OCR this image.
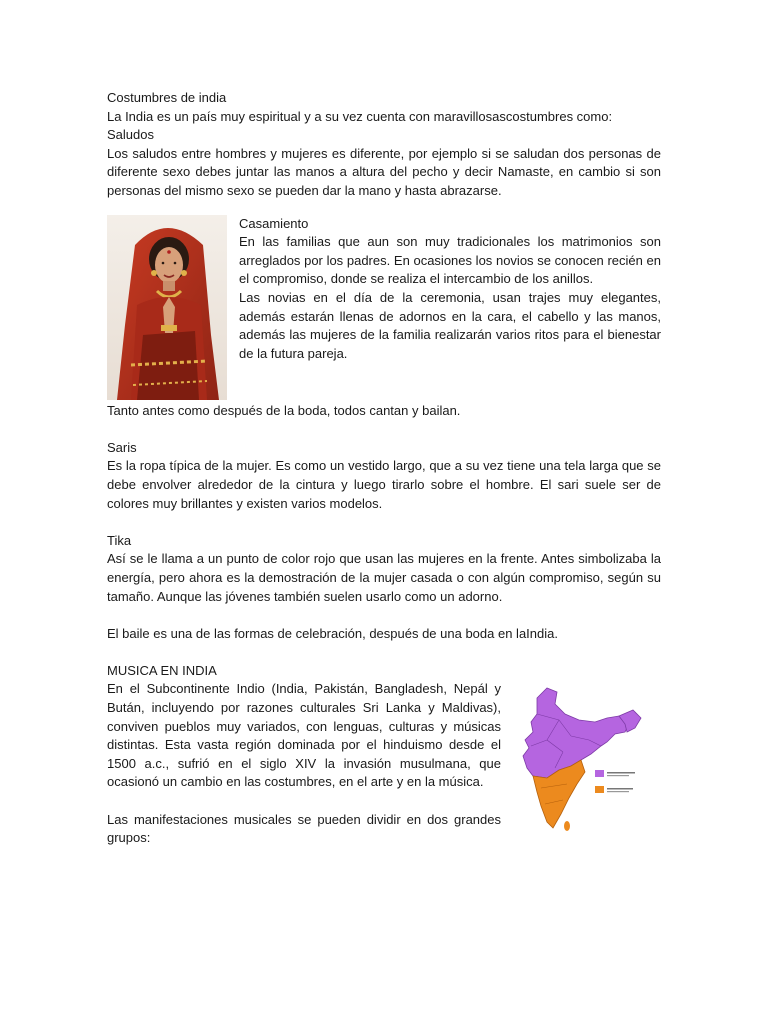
Costumbres de india

La India es un país muy espiritual y a su vez cuenta con maravillosascostumbres como:

Saludos

Los saludos entre hombres y mujeres es diferente, por ejemplo si se saludan dos personas de diferente sexo debes juntar las manos a altura del pecho y decir Namaste, en cambio si son personas del mismo sexo se pueden dar la mano y hasta abrazarse.

Casamiento

En las familias que aun son muy tradicionales los matrimonios son arreglados por los padres. En ocasiones los novios se conocen recién en el compromiso, donde se realiza el intercambio de los anillos.

Las novias en el día de la ceremonia, usan trajes muy elegantes, además estarán llenas de adornos en la cara, el cabello y las manos, además las mujeres de la familia realizarán varios ritos para el bienestar de la futura pareja.

Tanto antes como después de la boda, todos cantan y bailan.

Saris

Es la ropa típica de la mujer. Es como un vestido largo, que a su vez tiene una tela larga que se debe envolver alrededor de la cintura y luego tirarlo sobre el hombre. El sari suele ser de colores muy brillantes y existen varios modelos.

Tika

Así se le llama a un punto de color rojo que usan las mujeres en la frente. Antes simbolizaba la energía, pero ahora es la demostración de la mujer casada o con algún compromiso, según su tamaño. Aunque las jóvenes también suelen usarlo como un adorno.

El baile es una de las formas de celebración, después de una boda en laIndia.

MUSICA EN INDIA

En el Subcontinente Indio (India, Pakistán, Bangladesh, Nepál y Bután, incluyendo por razones culturales Sri Lanka y Maldivas), conviven pueblos muy variados, con lenguas, culturas y músicas distintas. Esta vasta región dominada por el hinduismo desde el 1500 a.c., sufrió en el siglo XIV la invasión musulmana, que ocasionó un cambio en las costumbres, en el arte y en la música.

Las manifestaciones musicales se pueden dividir en dos grandes grupos:
